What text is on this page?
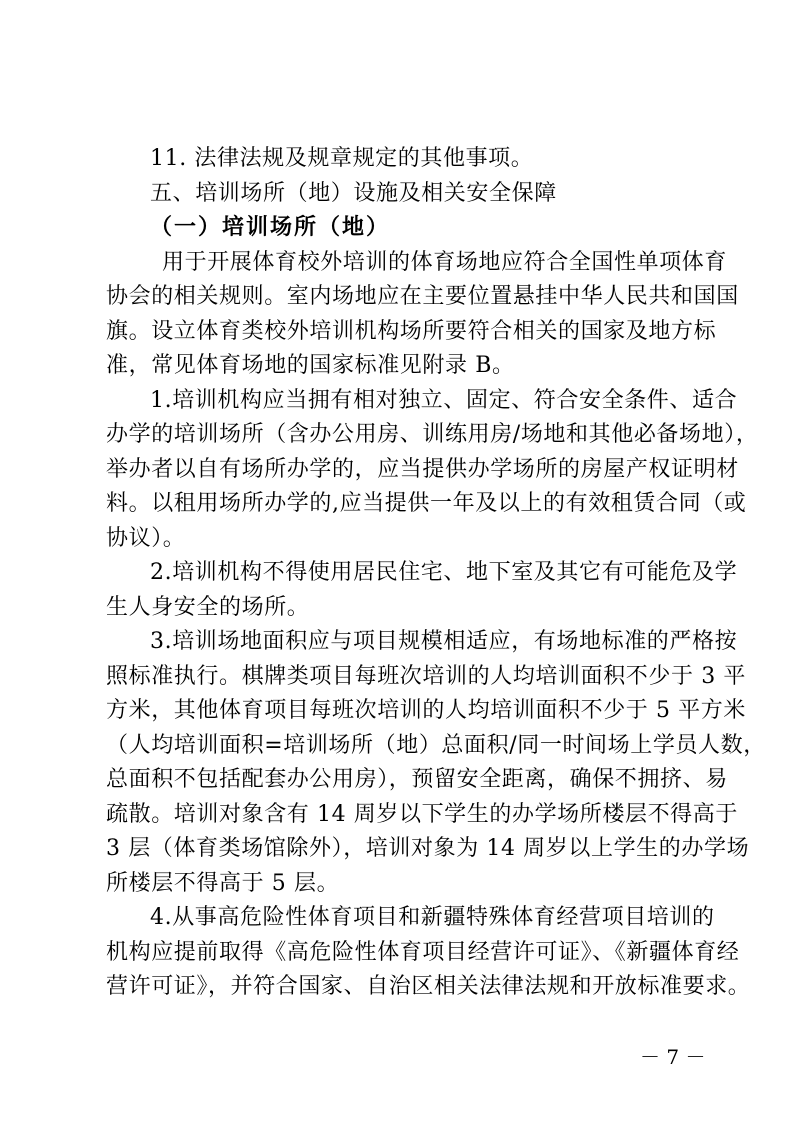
11. 法律法规及规章规定的其他事项。
五、培训场所（地）设施及相关安全保障
（一）培训场所（地）
用于开展体育校外培训的体育场地应符合全国性单项体育
协会的相关规则。室内场地应在主要位置悬挂中华人民共和国国
旗。设立体育类校外培训机构场所要符合相关的国家及地方标
准，常见体育场地的国家标准见附录 B。
1.培训机构应当拥有相对独立、固定、符合安全条件、适合
办学的培训场所（含办公用房、训练用房/场地和其他必备场地），
举办者以自有场所办学的，应当提供办学场所的房屋产权证明材
料。以租用场所办学的,应当提供一年及以上的有效租赁合同（或
协议）。
2.培训机构不得使用居民住宅、地下室及其它有可能危及学
生人身安全的场所。
3.培训场地面积应与项目规模相适应，有场地标准的严格按
照标准执行。棋牌类项目每班次培训的人均培训面积不少于 3 平
方米，其他体育项目每班次培训的人均培训面积不少于 5 平方米
（人均培训面积=培训场所（地）总面积/同一时间场上学员人数，
总面积不包括配套办公用房），预留安全距离，确保不拥挤、易
疏散。培训对象含有 14 周岁以下学生的办学场所楼层不得高于
3 层（体育类场馆除外），培训对象为 14 周岁以上学生的办学场
所楼层不得高于 5 层。
4.从事高危险性体育项目和新疆特殊体育经营项目培训的
机构应提前取得《高危险性体育项目经营许可证》、《新疆体育经
营许可证》，并符合国家、自治区相关法律法规和开放标准要求。
－ 7 －
